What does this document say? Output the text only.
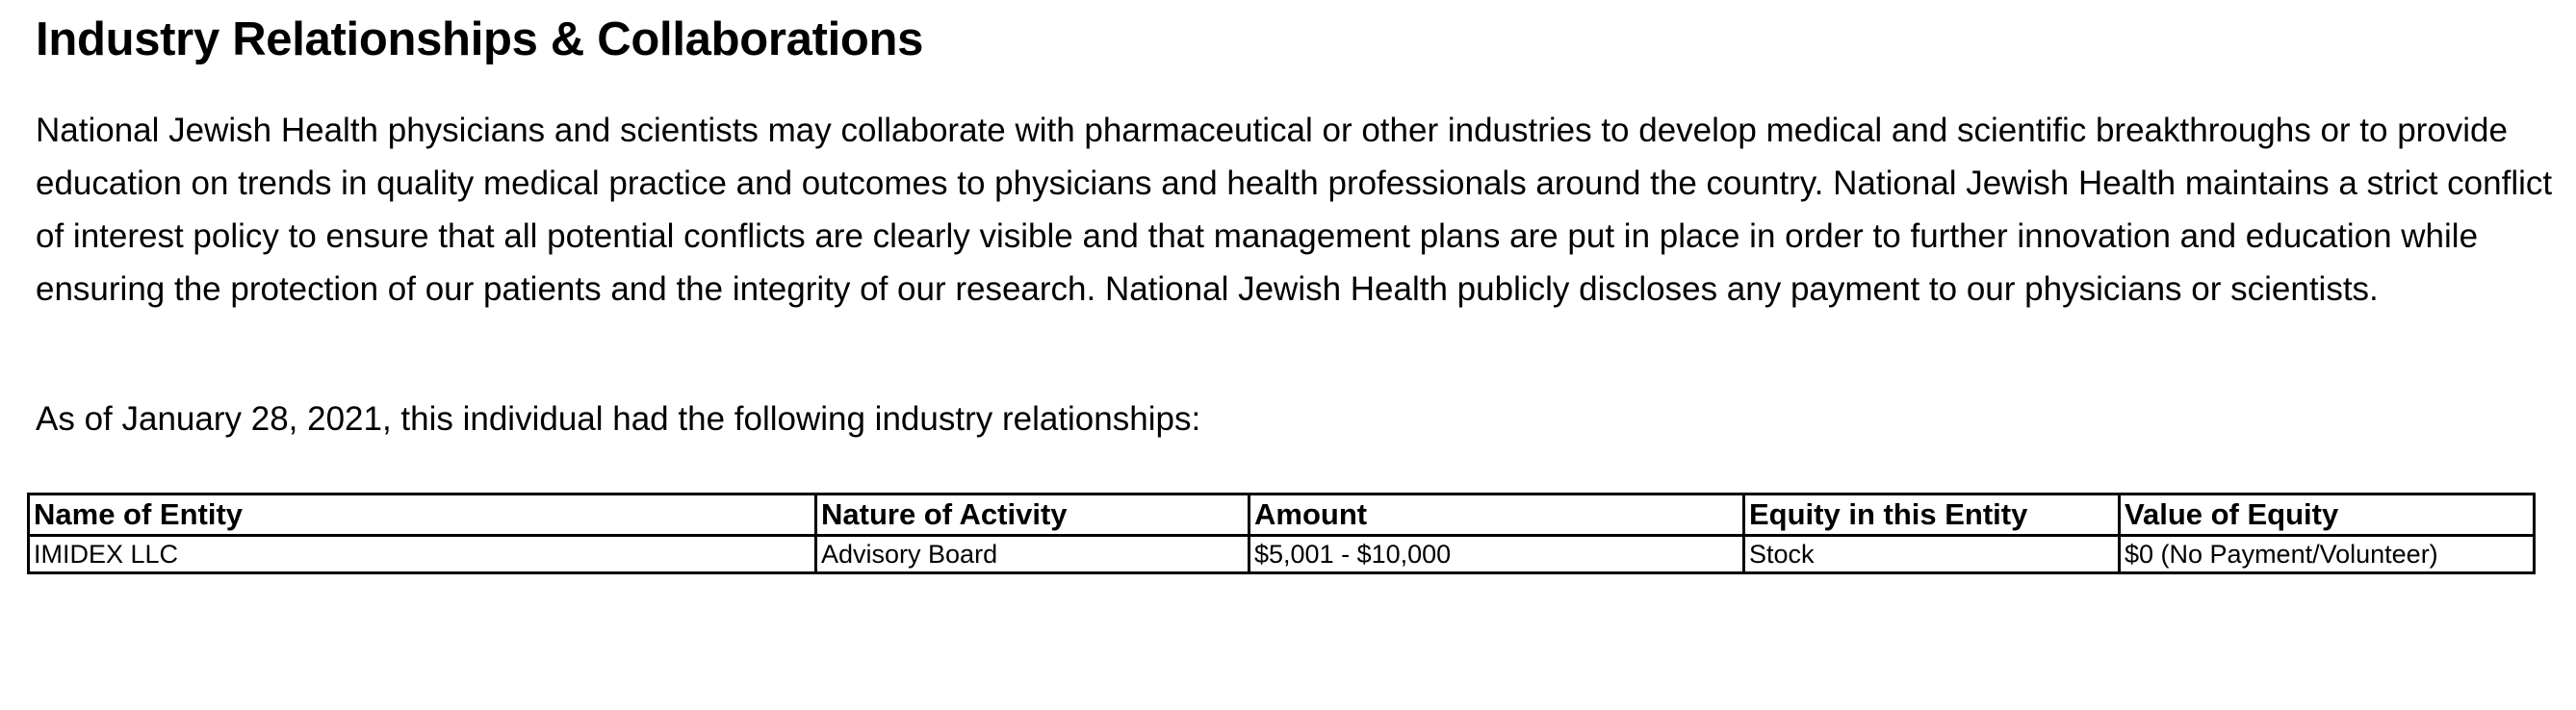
Industry Relationships & Collaborations

National Jewish Health physicians and scientists may collaborate with pharmaceutical or other industries to develop medical and scientific breakthroughs or to provide education on trends in quality medical practice and outcomes to physicians and health professionals around the country. National Jewish Health maintains a strict conflict of interest policy to ensure that all potential conflicts are clearly visible and that management plans are put in place in order to further innovation and education while ensuring the protection of our patients and the integrity of our research. National Jewish Health publicly discloses any payment to our physicians or scientists.

As of January 28, 2021, this individual had the following industry relationships:

Name of Entity	Nature of Activity	Amount	Equity in this Entity	Value of Equity
IMIDEX LLC	Advisory Board	$5,001 - $10,000	Stock	$0 (No Payment/Volunteer)
